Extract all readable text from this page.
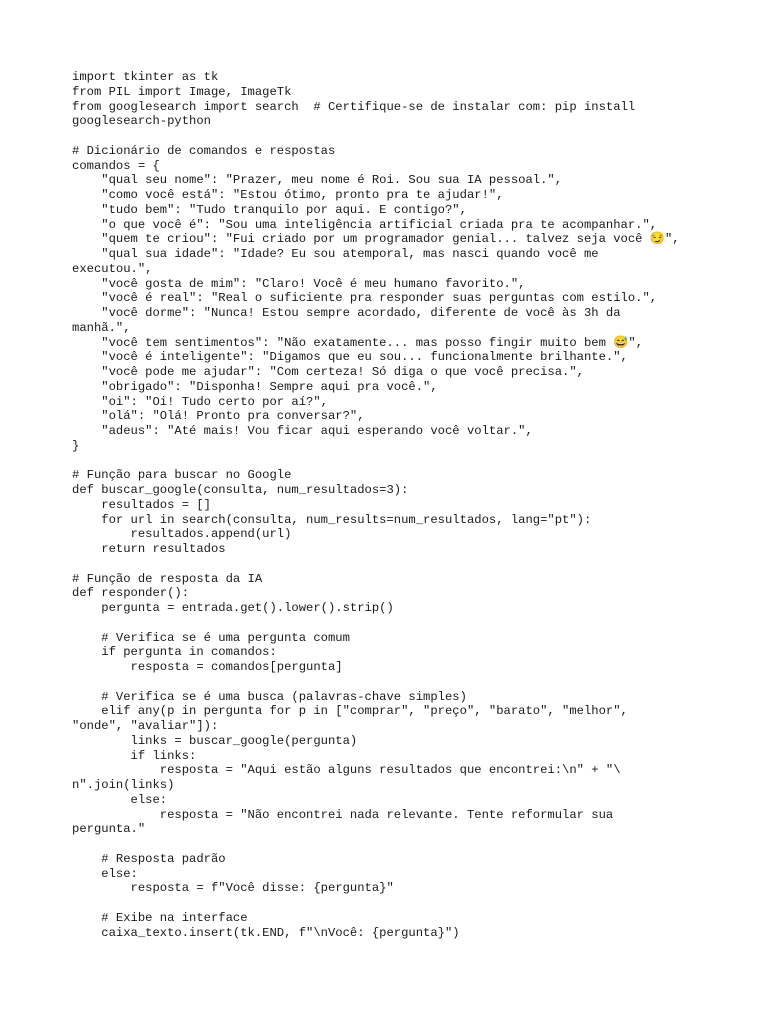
import tkinter as tk
from PIL import Image, ImageTk
from googlesearch import search  # Certifique-se de instalar com: pip install
googlesearch-python
# Dicionário de comandos e respostas
comandos = {
"qual seu nome": "Prazer, meu nome é Roi. Sou sua IA pessoal.",
"como você está": "Estou ótimo, pronto pra te ajudar!",
"tudo bem": "Tudo tranquilo por aqui. E contigo?",
"o que você é": "Sou uma inteligência artificial criada pra te acompanhar.",
"quem te criou": "Fui criado por um programador genial... talvez seja você 😏",
"qual sua idade": "Idade? Eu sou atemporal, mas nasci quando você me
executou.",
"você gosta de mim": "Claro! Você é meu humano favorito.",
"você é real": "Real o suficiente pra responder suas perguntas com estilo.",
"você dorme": "Nunca! Estou sempre acordado, diferente de você às 3h da
manhã.",
"você tem sentimentos": "Não exatamente... mas posso fingir muito bem 😅",
"você é inteligente": "Digamos que eu sou... funcionalmente brilhante.",
"você pode me ajudar": "Com certeza! Só diga o que você precisa.",
"obrigado": "Disponha! Sempre aqui pra você.",
"oi": "Oi! Tudo certo por aí?",
"olá": "Olá! Pronto pra conversar?",
"adeus": "Até mais! Vou ficar aqui esperando você voltar.",
}
# Função para buscar no Google
def buscar_google(consulta, num_resultados=3):
resultados = []
for url in search(consulta, num_results=num_resultados, lang="pt"):
resultados.append(url)
return resultados
# Função de resposta da IA
def responder():
pergunta = entrada.get().lower().strip()
# Verifica se é uma pergunta comum
if pergunta in comandos:
resposta = comandos[pergunta]
# Verifica se é uma busca (palavras-chave simples)
elif any(p in pergunta for p in ["comprar", "preço", "barato", "melhor",
"onde", "avaliar"]):
links = buscar_google(pergunta)
if links:
resposta = "Aqui estão alguns resultados que encontrei:\n" + "\
n".join(links)
else:
resposta = "Não encontrei nada relevante. Tente reformular sua
pergunta."
# Resposta padrão
else:
resposta = f"Você disse: {pergunta}"
# Exibe na interface
caixa_texto.insert(tk.END, f"\nVocê: {pergunta}")
